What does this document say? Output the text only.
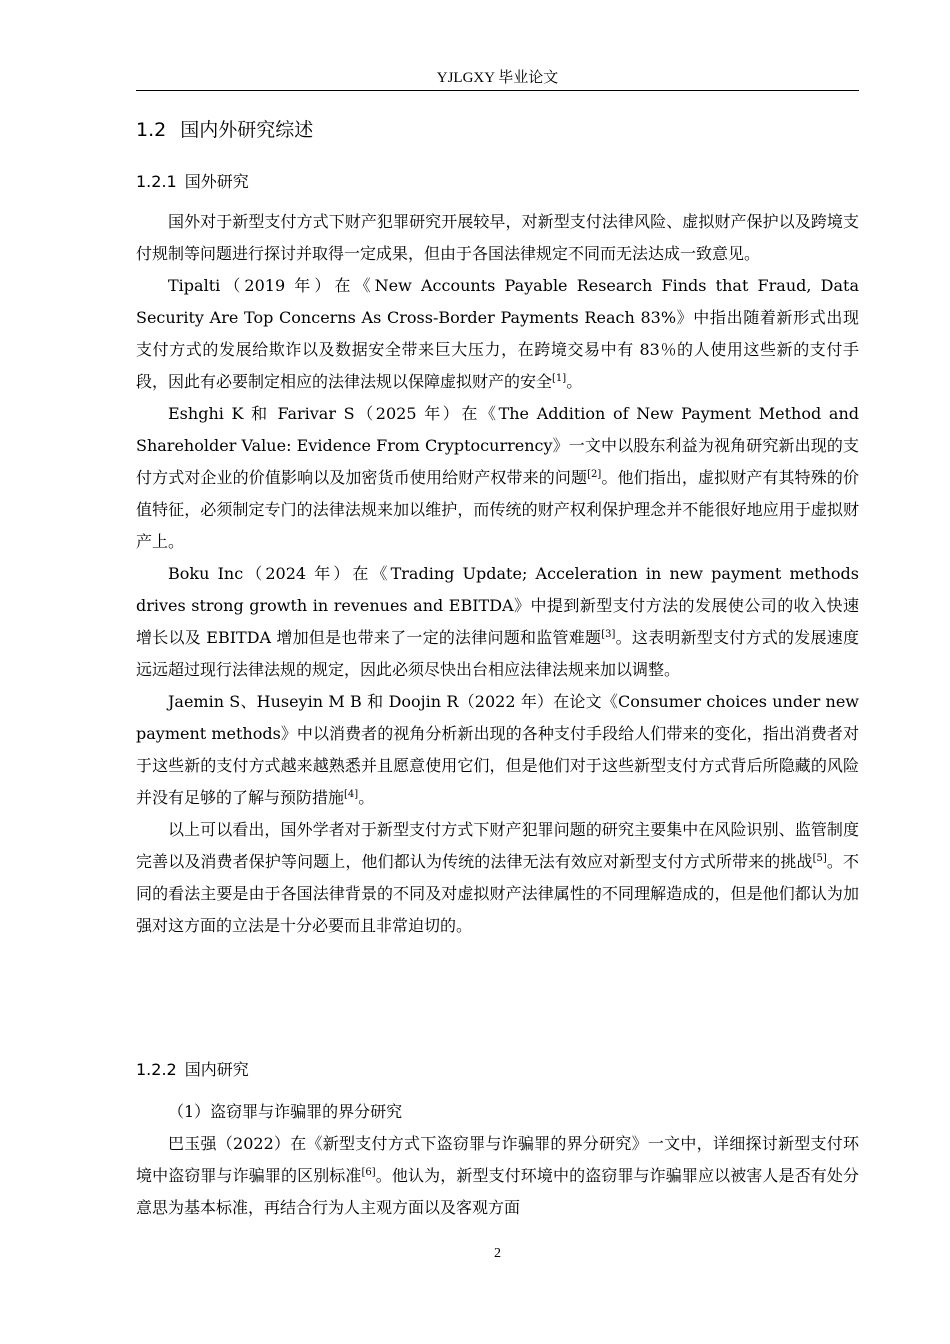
YJLGXY 毕业论文
1.2 国内外研究综述
1.2.1 国外研究

国外对于新型支付方式下财产犯罪研究开展较早，对新型支付法律风险、虚拟财产保护以及跨境支付规制等问题进行探讨并取得一定成果，但由于各国法律规定不同而无法达成一致意见。

Tipalti（2019 年）在《New Accounts Payable Research Finds that Fraud, Data Security Are Top Concerns As Cross-Border Payments Reach 83%》中指出随着新形式出现支付方式的发展给欺诈以及数据安全带来巨大压力，在跨境交易中有 83％的人使用这些新的支付手段，因此有必要制定相应的法律法规以保障虚拟财产的安全[1]。

Eshghi K 和 Farivar S（2025 年）在《The Addition of New Payment Method and Shareholder Value: Evidence From Cryptocurrency》一文中以股东利益为视角研究新出现的支付方式对企业的价值影响以及加密货币使用给财产权带来的问题[2]。他们指出，虚拟财产有其特殊的价值特征，必须制定专门的法律法规来加以维护，而传统的财产权利保护理念并不能很好地应用于虚拟财产上。

Boku Inc（2024 年）在《Trading Update; Acceleration in new payment methods drives strong growth in revenues and EBITDA》中提到新型支付方法的发展使公司的收入快速增长以及 EBITDA 增加但是也带来了一定的法律问题和监管难题[3]。这表明新型支付方式的发展速度远远超过现行法律法规的规定，因此必须尽快出台相应法律法规来加以调整。

Jaemin S、Huseyin M B 和 Doojin R（2022 年）在论文《Consumer choices under new payment methods》中以消费者的视角分析新出现的各种支付手段给人们带来的变化，指出消费者对于这些新的支付方式越来越熟悉并且愿意使用它们，但是他们对于这些新型支付方式背后所隐藏的风险并没有足够的了解与预防措施[4]。

以上可以看出，国外学者对于新型支付方式下财产犯罪问题的研究主要集中在风险识别、监管制度完善以及消费者保护等问题上，他们都认为传统的法律无法有效应对新型支付方式所带来的挑战[5]。不同的看法主要是由于各国法律背景的不同及对虚拟财产法律属性的不同理解造成的，但是他们都认为加强对这方面的立法是十分必要而且非常迫切的。

1.2.2 国内研究

（1）盗窃罪与诈骗罪的界分研究

巴玉强（2022）在《新型支付方式下盗窃罪与诈骗罪的界分研究》一文中，详细探讨新型支付环境中盗窃罪与诈骗罪的区别标准[6]。他认为，新型支付环境中的盗窃罪与诈骗罪应以被害人是否有处分意思为基本标准，再结合行为人主观方面以及客观方面

2
